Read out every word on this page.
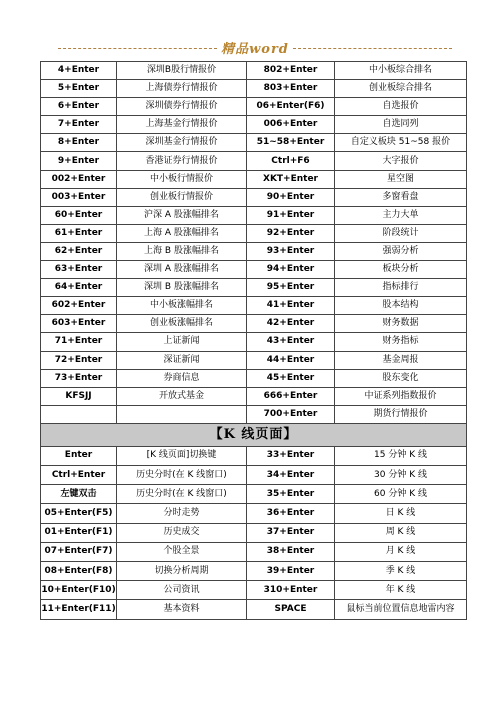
精品word
4+Enter	深圳B股行情报价	802+Enter	中小板综合排名
5+Enter	上海债券行情报价	803+Enter	创业板综合排名
6+Enter	深圳债券行情报价	06+Enter(F6)	自选报价
7+Enter	上海基金行情报价	006+Enter	自选同列
8+Enter	深圳基金行情报价	51~58+Enter	自定义板块 51~58 报价
9+Enter	香港证券行情报价	Ctrl+F6	大字报价
002+Enter	中小板行情报价	XKT+Enter	星空图
003+Enter	创业板行情报价	90+Enter	多窗看盘
60+Enter	沪深 A 股涨幅排名	91+Enter	主力大单
61+Enter	上海 A 股涨幅排名	92+Enter	阶段统计
62+Enter	上海 B 股涨幅排名	93+Enter	强弱分析
63+Enter	深圳 A 股涨幅排名	94+Enter	板块分析
64+Enter	深圳 B 股涨幅排名	95+Enter	指标排行
602+Enter	中小板涨幅排名	41+Enter	股本结构
603+Enter	创业板涨幅排名	42+Enter	财务数据
71+Enter	上证新闻	43+Enter	财务指标
72+Enter	深证新闻	44+Enter	基金周报
73+Enter	券商信息	45+Enter	股东变化
KFSJJ	开放式基金	666+Enter	中证系列指数报价
		700+Enter	期货行情报价
【K 线页面】			
Enter	[K 线页面]切换键	33+Enter	15 分钟 K 线
Ctrl+Enter	历史分时(在 K 线窗口)	34+Enter	30 分钟 K 线
左键双击	历史分时(在 K 线窗口)	35+Enter	60 分钟 K 线
05+Enter(F5)	分时走势	36+Enter	日 K 线
01+Enter(F1)	历史成交	37+Enter	周 K 线
07+Enter(F7)	个股全景	38+Enter	月 K 线
08+Enter(F8)	切换分析周期	39+Enter	季 K 线
10+Enter(F10)	公司资讯	310+Enter	年 K 线
11+Enter(F11)	基本资料	SPACE	鼠标当前位置信息地雷内容
